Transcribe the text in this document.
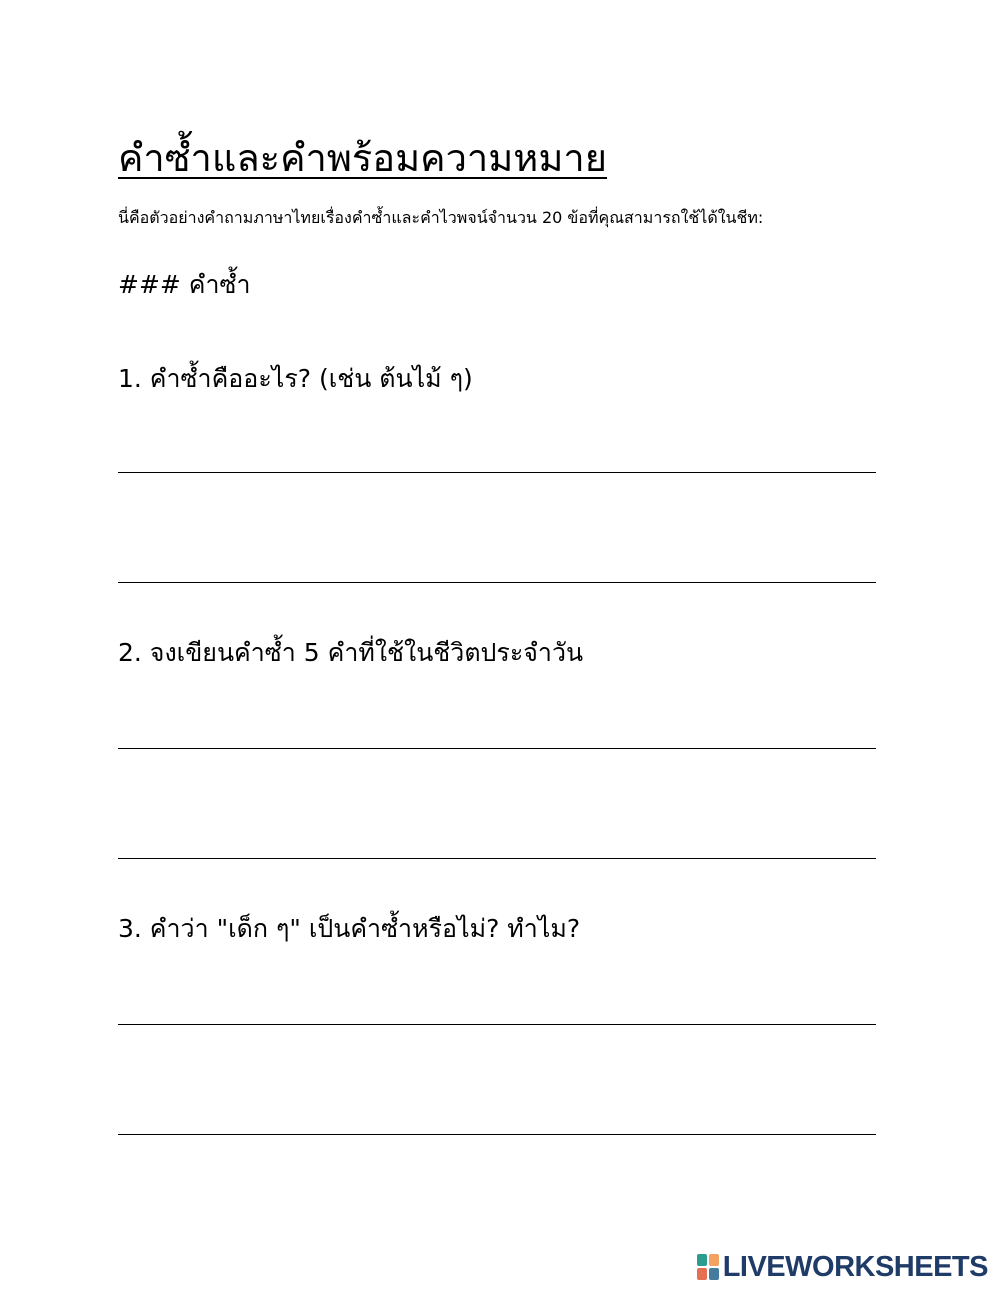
คำซ้ำและคำพร้อมความหมาย
นี่คือตัวอย่างคำถามภาษาไทยเรื่องคำซ้ำและคำไวพจน์จำนวน 20 ข้อที่คุณสามารถใช้ได้ในชีท:
### คำซ้ำ
1. คำซ้ำคืออะไร? (เช่น ต้นไม้ ๆ)
2. จงเขียนคำซ้ำ 5 คำที่ใช้ในชีวิตประจำวัน
3. คำว่า "เด็ก ๆ" เป็นคำซ้ำหรือไม่? ทำไม?
LIVEWORKSHEETS
